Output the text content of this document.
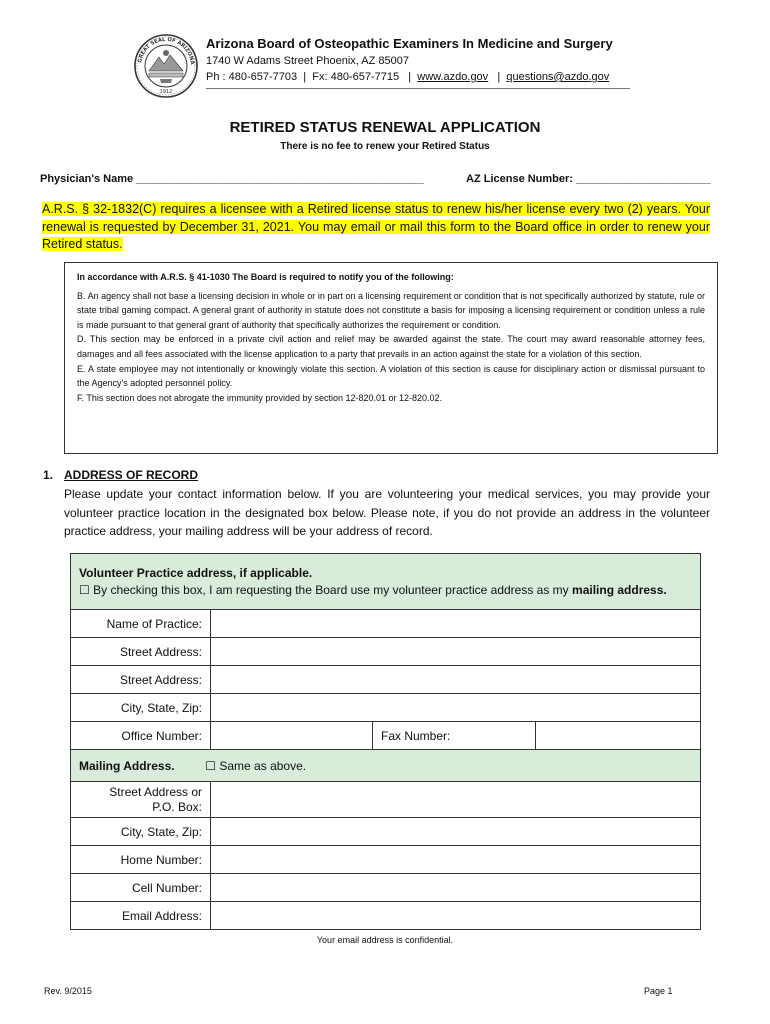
GREAT SEAL OF ARIZONA
1912
Arizona Board of Osteopathic Examiners In Medicine and Surgery
1740 W Adams Street Phoenix, AZ 85007
Ph : 480-657-7703 | Fx: 480-657-7715 | www.azdo.gov | questions@azdo.gov
RETIRED STATUS RENEWAL APPLICATION
There is no fee to renew your Retired Status
Physician's Name _______________________________________________	AZ License Number: ______________________
A.R.S. § 32-1832(C) requires a licensee with a Retired license status to renew his/her license every two (2) years. Your renewal is requested by December 31, 2021. You may email or mail this form to the Board office in order to renew your Retired status.
In accordance with A.R.S. § 41-1030 The Board is required to notify you of the following:

B. An agency shall not base a licensing decision in whole or in part on a licensing requirement or condition that is not specifically authorized by statute, rule or state tribal gaming compact. A general grant of authority in statute does not constitute a basis for imposing a licensing requirement or condition unless a rule is made pursuant to that general grant of authority that specifically authorizes the requirement or condition.

D. This section may be enforced in a private civil action and relief may be awarded against the state. The court may award reasonable attorney fees, damages and all fees associated with the license application to a party that prevails in an action against the state for a violation of this section.

E. A state employee may not intentionally or knowingly violate this section. A violation of this section is cause for disciplinary action or dismissal pursuant to the Agency's adopted personnel policy.

F. This section does not abrogate the immunity provided by section 12-820.01 or 12-820.02.

1. ADDRESS OF RECORD
Please update your contact information below. If you are volunteering your medical services, you may provide your volunteer practice location in the designated box below. Please note, if you do not provide an address in the volunteer practice address, your mailing address will be your address of record.
Volunteer Practice address, if applicable.
☐ By checking this box, I am requesting the Board use my volunteer practice address as my mailing address.			
Name of Practice:			
Street Address:			
Street Address:			
City, State, Zip:			
Office Number:		Fax Number:	
Mailing Address. ☐ Same as above.			
Street Address or
P.O. Box:			
City, State, Zip:			
Home Number:			
Cell Number:			
Email Address:			
Your email address is confidential.
Rev. 9/2015	Page 1
